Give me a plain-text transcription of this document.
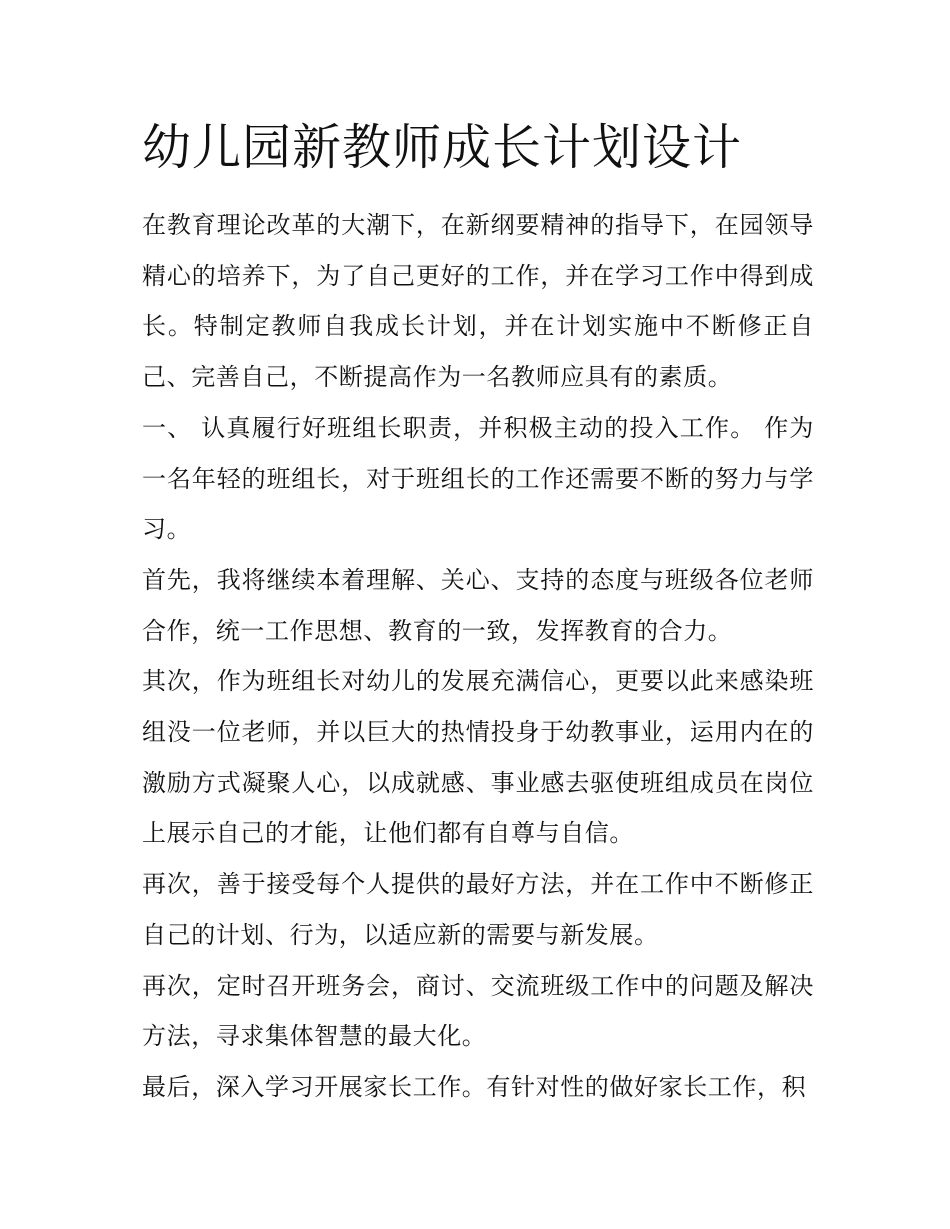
幼儿园新教师成长计划设计

在教育理论改革的大潮下，在新纲要精神的指导下，在园领导精心的培养下，为了自己更好的工作，并在学习工作中得到成长。特制定教师自我成长计划，并在计划实施中不断修正自己、完善自己，不断提高作为一名教师应具有的素质。

一、 认真履行好班组长职责，并积极主动的投入工作。 作为一名年轻的班组长，对于班组长的工作还需要不断的努力与学习。

首先，我将继续本着理解、关心、支持的态度与班级各位老师合作，统一工作思想、教育的一致，发挥教育的合力。

其次，作为班组长对幼儿的发展充满信心，更要以此来感染班组没一位老师，并以巨大的热情投身于幼教事业，运用内在的激励方式凝聚人心，以成就感、事业感去驱使班组成员在岗位上展示自己的才能，让他们都有自尊与自信。

再次，善于接受每个人提供的最好方法，并在工作中不断修正自己的计划、行为，以适应新的需要与新发展。

再次，定时召开班务会，商讨、交流班级工作中的问题及解决方法，寻求集体智慧的最大化。

最后，深入学习开展家长工作。有针对性的做好家长工作，积
